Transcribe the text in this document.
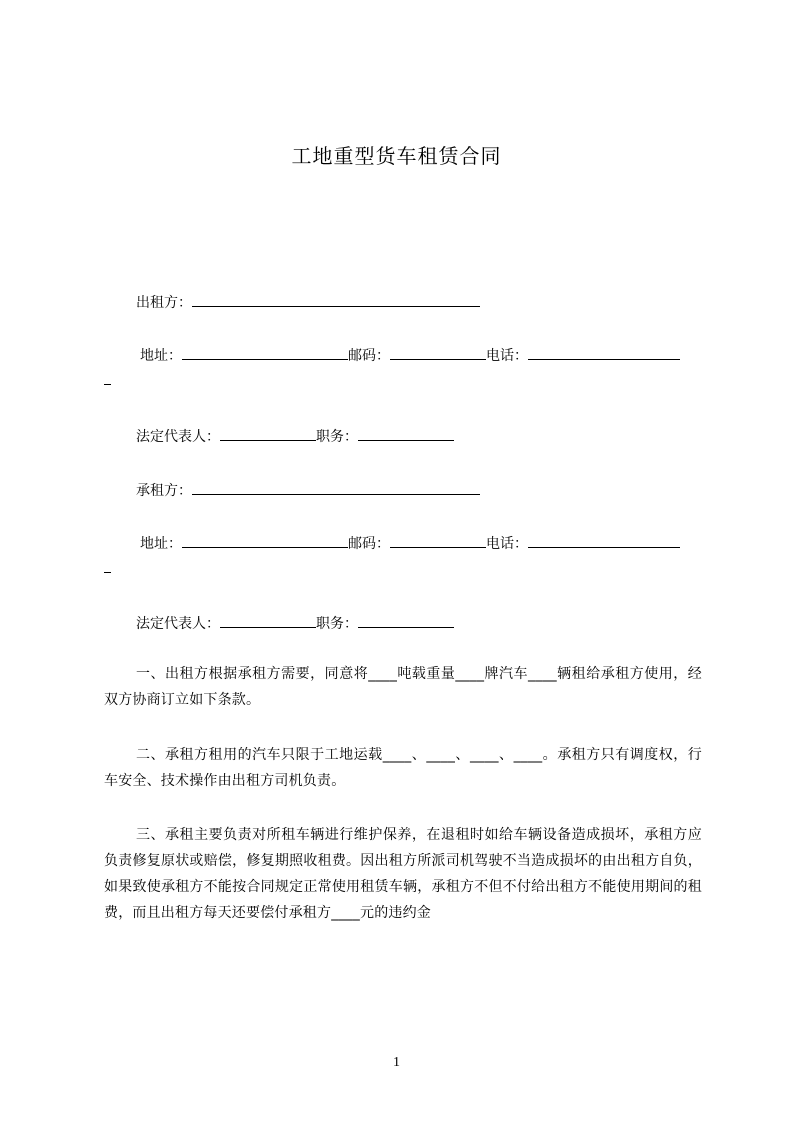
工地重型货车租赁合同
出租方：
地址：	邮码：	电话：
法定代表人：	职务：
承租方：
地址：	邮码：	电话：
法定代表人：	职务：
一、出租方根据承租方需要，同意将____吨载重量____牌汽车____辆租给承租方使用，经双方协商订立如下条款。
二、承租方租用的汽车只限于工地运载____、____、____、____。承租方只有调度权，行车安全、技术操作由出租方司机负责。
三、承租主要负责对所租车辆进行维护保养，在退租时如给车辆设备造成损坏，承租方应负责修复原状或赔偿，修复期照收租费。因出租方所派司机驾驶不当造成损坏的由出租方自负，如果致使承租方不能按合同规定正常使用租赁车辆，承租方不但不付给出租方不能使用期间的租费，而且出租方每天还要偿付承租方____元的违约金
1
